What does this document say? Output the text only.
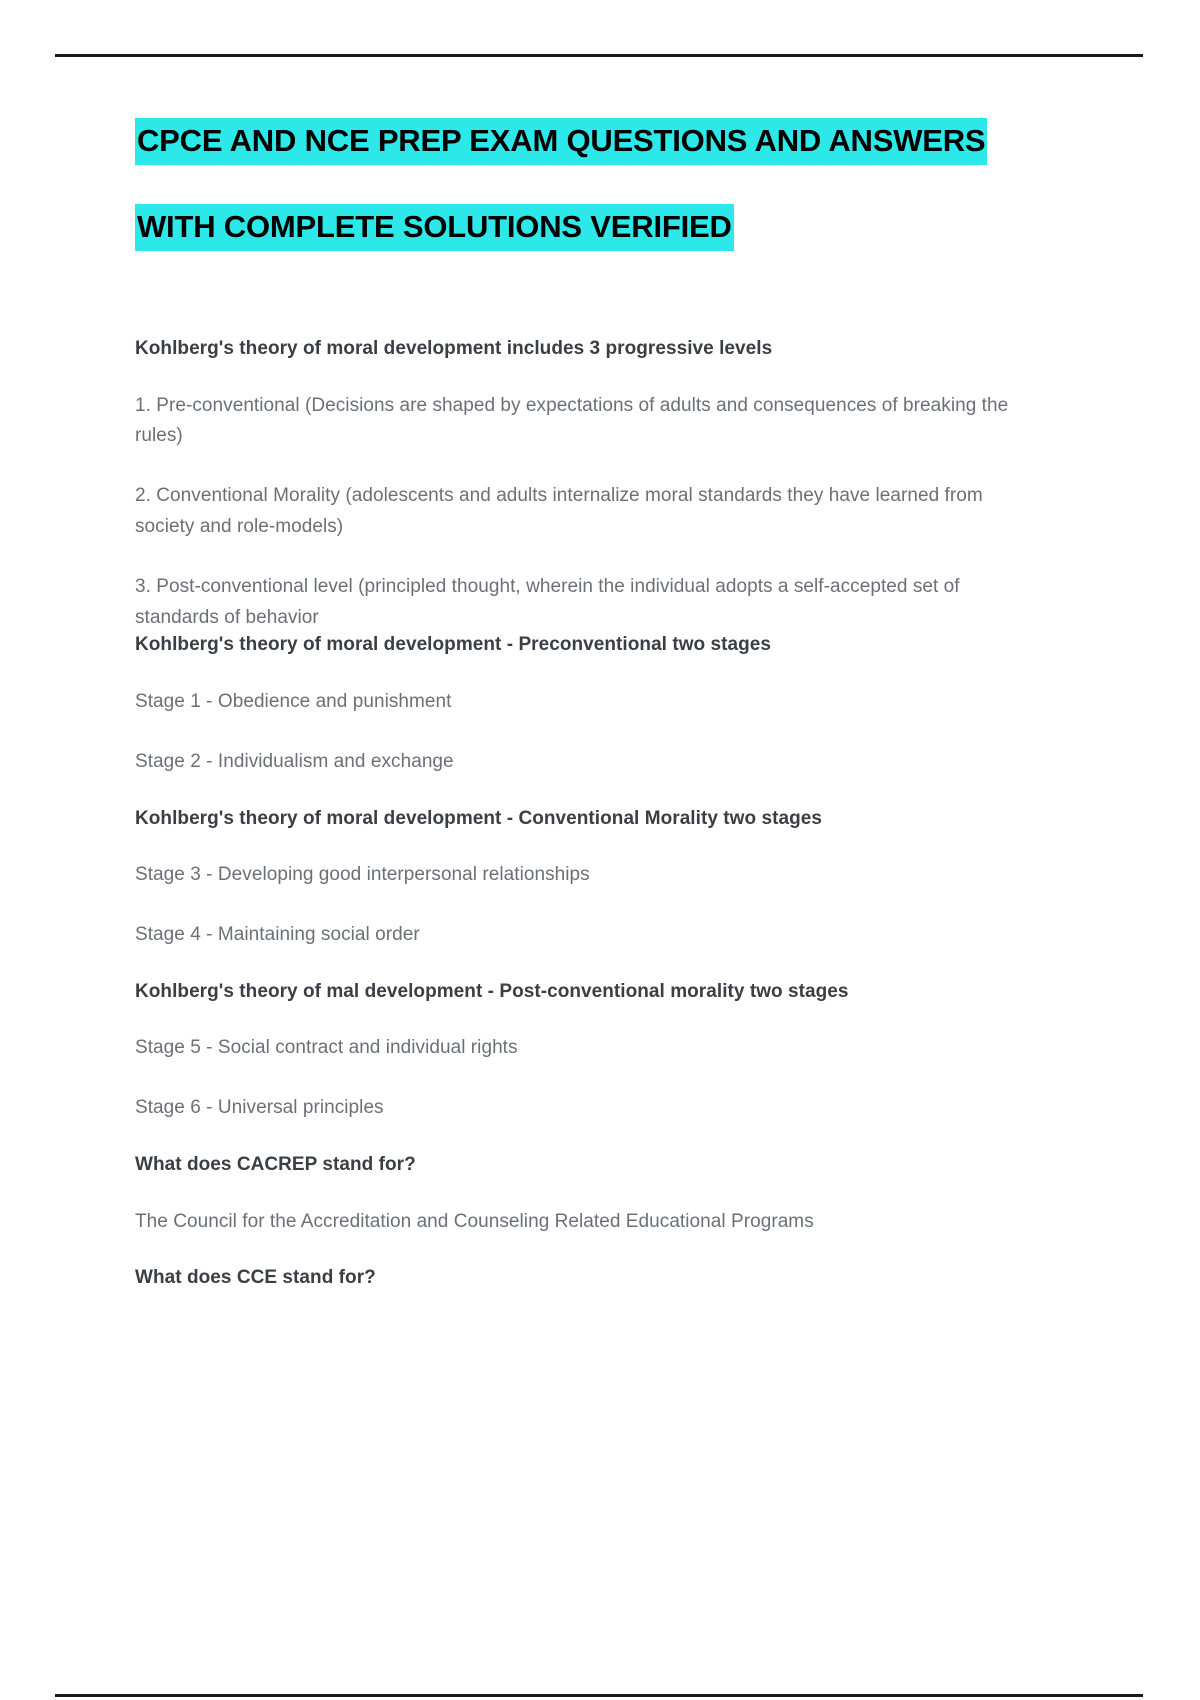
CPCE AND NCE PREP EXAM QUESTIONS AND ANSWERS
WITH COMPLETE SOLUTIONS VERIFIED

Kohlberg's theory of moral development includes 3 progressive levels

1. Pre-conventional (Decisions are shaped by expectations of adults and consequences of breaking the rules)

2. Conventional Morality (adolescents and adults internalize moral standards they have learned from society and role-models)

3. Post-conventional level (principled thought, wherein the individual adopts a self-accepted set of standards of behavior

Kohlberg's theory of moral development - Preconventional two stages

Stage 1 - Obedience and punishment

Stage 2 - Individualism and exchange

Kohlberg's theory of moral development - Conventional Morality two stages

Stage 3 - Developing good interpersonal relationships

Stage 4 - Maintaining social order

Kohlberg's theory of mal development - Post-conventional morality two stages

Stage 5 - Social contract and individual rights

Stage 6 - Universal principles

What does CACREP stand for?

The Council for the Accreditation and Counseling Related Educational Programs

What does CCE stand for?
